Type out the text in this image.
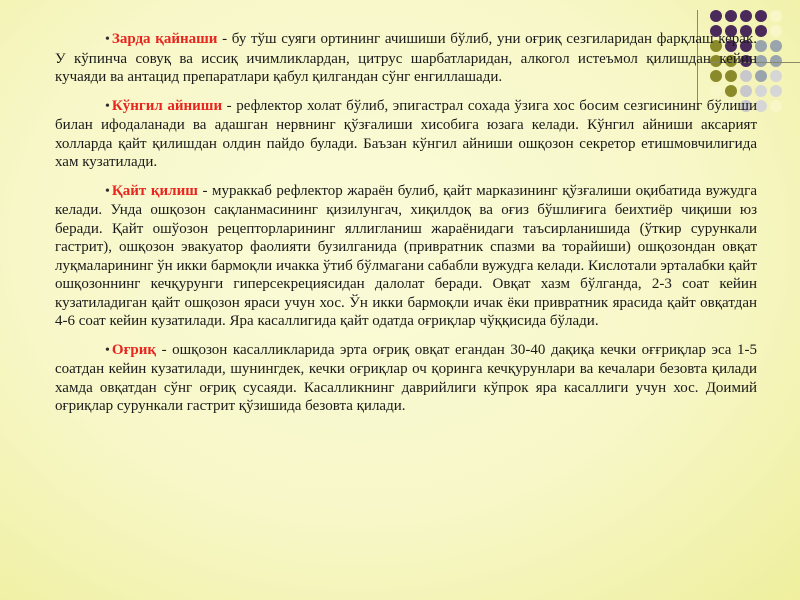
• Зарда қайнаши - бу тўш суяги ортининг ачишиши бўлиб, уни оғриқ сезгиларидан фарқлаш керак. У кўпинча совуқ ва иссиқ ичимликлардан, цитрус шарбатларидан, алкогол истеъмол қилишдан кейин кучаяди ва антацид препаратлари қабул қилгандан сўнг енгиллашади.

• Кўнгил айниши - рефлектор холат бўлиб, эпигастрал сохада ўзига хос босим сезгисининг бўлиши билан ифодаланади ва адашган нервнинг қўзғалиши хисобига юзага келади. Кўнгил айниши аксарият холларда қайт қилишдан олдин пайдо булади. Баъзан кўнгил айниши ошқозон секретор етишмовчилигида хам кузатилади.

• Қайт қилиш - мураккаб рефлектор жараён булиб, қайт марказининг қўзғалиши оқибатида вужудга келади. Унда ошқозон сақланмасининг қизилунгач, хиқилдоқ ва оғиз бўшлиғига беихтиёр чиқиши юз беради. Қайт ошўозон рецепторларининг яллигланиш жараёнидаги таъсирланишида (ўткир сурункали гастрит), ошқозон эвакуатор фаолияти бузилганида (привратник спазми ва торайиши) ошқозондан овқат луқмаларининг ўн икки бармоқли ичакка ўтиб бўлмагани сабабли вужудга келади. Кислотали эрталабки қайт ошқозоннинг кечқурунги гиперсекрециясидан далолат беради. Овқат хазм бўлганда, 2-3 соат кейин кузатиладиган қайт ошқозон яраси учун хос. Ўн икки бармоқли ичак ёки привратник ярасида қайт овқатдан 4-6 соат кейин кузатилади. Яра касаллигида қайт одатда оғриқлар чўққисида бўлади.

• Оғриқ - ошқозон касалликларида эрта оғриқ овқат егандан 30-40 дақиқа кечки оғғриқлар эса 1-5 соатдан кейин кузатилади, шунингдек, кечки оғриқлар оч қоринга кечқурунлари ва кечалари безовта қилади хамда овқатдан сўнг оғриқ сусаяди. Касалликнинг даврийлиги кўпрок яра касаллиги учун хос. Доимий оғриқлар сурункали гастрит қўзишида безовта қилади.
